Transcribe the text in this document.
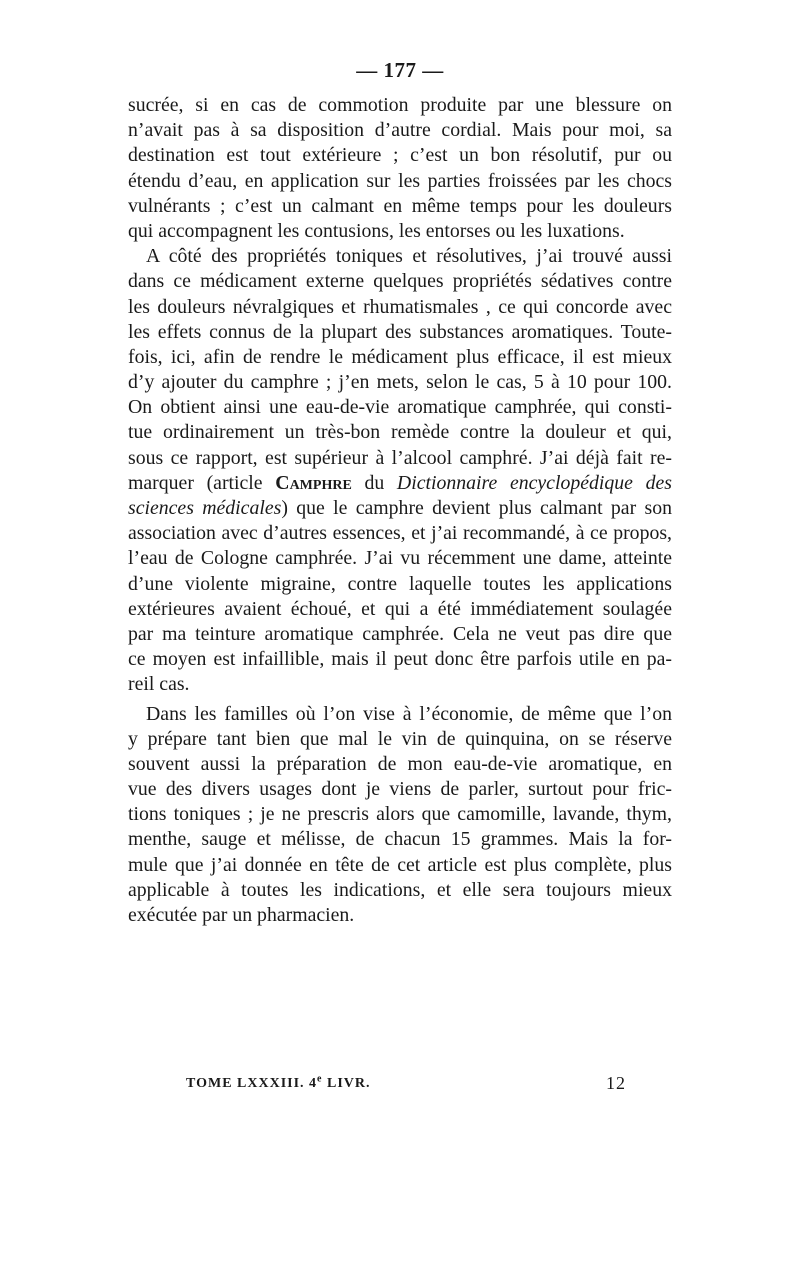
— 177 —
sucrée, si en cas de commotion produite par une blessure on
n’avait pas à sa disposition d’autre cordial. Mais pour moi, sa
destination est tout extérieure ; c’est un bon résolutif, pur ou
étendu d’eau, en application sur les parties froissées par les chocs
vulnérants ; c’est un calmant en même temps pour les douleurs
qui accompagnent les contusions, les entorses ou les luxations.
A côté des propriétés toniques et résolutives, j’ai trouvé aussi
dans ce médicament externe quelques propriétés sédatives contre
les douleurs névralgiques et rhumatismales , ce qui concorde avec
les effets connus de la plupart des substances aromatiques. Toute-
fois, ici, afin de rendre le médicament plus efficace, il est mieux
d’y ajouter du camphre ; j’en mets, selon le cas, 5 à 10 pour 100.
On obtient ainsi une eau-de-vie aromatique camphrée, qui consti-
tue ordinairement un très-bon remède contre la douleur et qui,
sous ce rapport, est supérieur à l’alcool camphré. J’ai déjà fait re-
marquer (article Camphre du Dictionnaire encyclopédique des
sciences médicales) que le camphre devient plus calmant par son
association avec d’autres essences, et j’ai recommandé, à ce propos,
l’eau de Cologne camphrée. J’ai vu récemment une dame, atteinte
d’une violente migraine, contre laquelle toutes les applications
extérieures avaient échoué, et qui a été immédiatement soulagée
par ma teinture aromatique camphrée. Cela ne veut pas dire que
ce moyen est infaillible, mais il peut donc être parfois utile en pa-
reil cas.
Dans les familles où l’on vise à l’économie, de même que l’on
y prépare tant bien que mal le vin de quinquina, on se réserve
souvent aussi la préparation de mon eau-de-vie aromatique, en
vue des divers usages dont je viens de parler, surtout pour fric-
tions toniques ; je ne prescris alors que camomille, lavande, thym,
menthe, sauge et mélisse, de chacun 15 grammes. Mais la for-
mule que j’ai donnée en tête de cet article est plus complète, plus
applicable à toutes les indications, et elle sera toujours mieux
exécutée par un pharmacien.
TOME LXXXIII. 4e LIVR.	12
